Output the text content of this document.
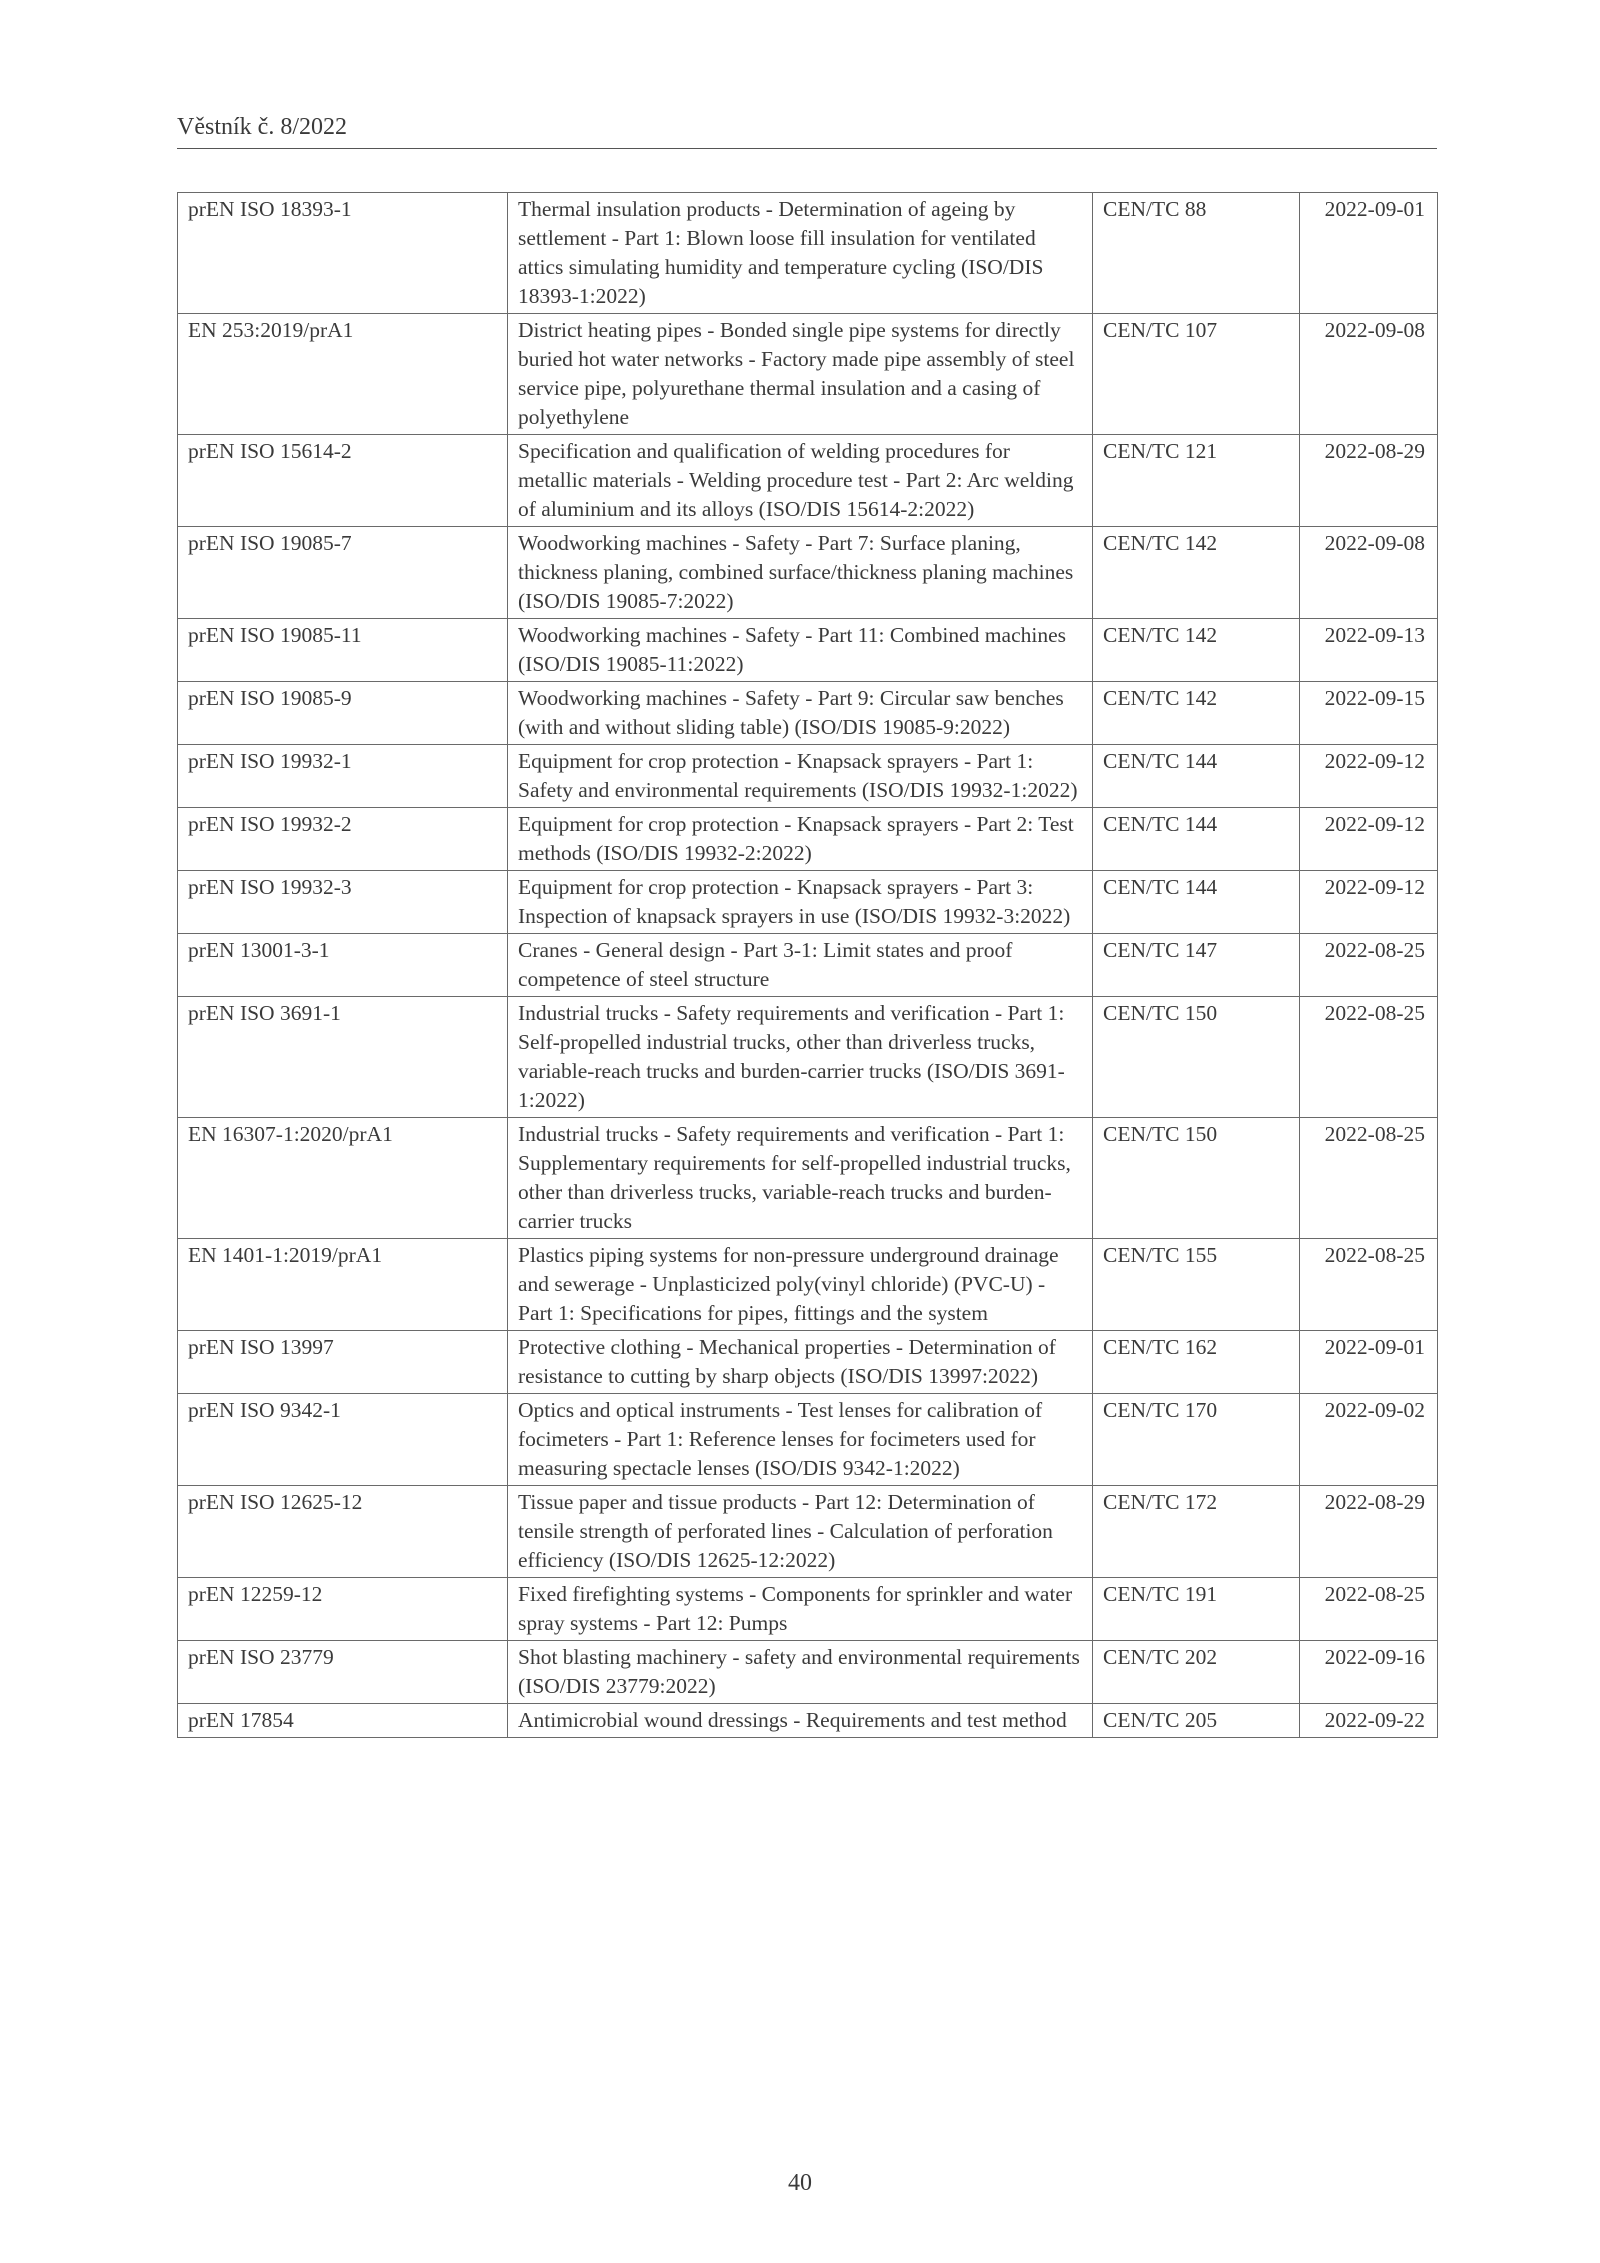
Věstník č. 8/2022
prEN ISO 18393-1	Thermal insulation products - Determination of ageing by settlement - Part 1: Blown loose fill insulation for ventilated attics simulating humidity and temperature cycling (ISO/DIS 18393-1:2022)	CEN/TC 88	2022-09-01
EN 253:2019/prA1	District heating pipes - Bonded single pipe systems for directly buried hot water networks - Factory made pipe assembly of steel service pipe, polyurethane thermal insulation and a casing of polyethylene	CEN/TC 107	2022-09-08
prEN ISO 15614-2	Specification and qualification of welding procedures for metallic materials - Welding procedure test - Part 2: Arc welding of aluminium and its alloys (ISO/DIS 15614-2:2022)	CEN/TC 121	2022-08-29
prEN ISO 19085-7	Woodworking machines - Safety - Part 7: Surface planing, thickness planing, combined surface/thickness planing machines (ISO/DIS 19085-7:2022)	CEN/TC 142	2022-09-08
prEN ISO 19085-11	Woodworking machines - Safety - Part 11: Combined machines (ISO/DIS 19085-11:2022)	CEN/TC 142	2022-09-13
prEN ISO 19085-9	Woodworking machines - Safety - Part 9: Circular saw benches (with and without sliding table) (ISO/DIS 19085-9:2022)	CEN/TC 142	2022-09-15
prEN ISO 19932-1	Equipment for crop protection - Knapsack sprayers - Part 1: Safety and environmental requirements (ISO/DIS 19932-1:2022)	CEN/TC 144	2022-09-12
prEN ISO 19932-2	Equipment for crop protection - Knapsack sprayers - Part 2: Test methods (ISO/DIS 19932-2:2022)	CEN/TC 144	2022-09-12
prEN ISO 19932-3	Equipment for crop protection - Knapsack sprayers - Part 3: Inspection of knapsack sprayers in use (ISO/DIS 19932-3:2022)	CEN/TC 144	2022-09-12
prEN 13001-3-1	Cranes - General design - Part 3-1: Limit states and proof competence of steel structure	CEN/TC 147	2022-08-25
prEN ISO 3691-1	Industrial trucks - Safety requirements and verification - Part 1: Self-propelled industrial trucks, other than driverless trucks, variable-reach trucks and burden-carrier trucks (ISO/DIS 3691-1:2022)	CEN/TC 150	2022-08-25
EN 16307-1:2020/prA1	Industrial trucks - Safety requirements and verification - Part 1: Supplementary requirements for self-propelled industrial trucks, other than driverless trucks, variable-reach trucks and burden-carrier trucks	CEN/TC 150	2022-08-25
EN 1401-1:2019/prA1	Plastics piping systems for non-pressure underground drainage and sewerage - Unplasticized poly(vinyl chloride) (PVC-U) - Part 1: Specifications for pipes, fittings and the system	CEN/TC 155	2022-08-25
prEN ISO 13997	Protective clothing - Mechanical properties - Determination of resistance to cutting by sharp objects (ISO/DIS 13997:2022)	CEN/TC 162	2022-09-01
prEN ISO 9342-1	Optics and optical instruments - Test lenses for calibration of focimeters - Part 1: Reference lenses for focimeters used for measuring spectacle lenses (ISO/DIS 9342-1:2022)	CEN/TC 170	2022-09-02
prEN ISO 12625-12	Tissue paper and tissue products - Part 12: Determination of tensile strength of perforated lines - Calculation of perforation efficiency (ISO/DIS 12625-12:2022)	CEN/TC 172	2022-08-29
prEN 12259-12	Fixed firefighting systems - Components for sprinkler and water spray systems - Part 12: Pumps	CEN/TC 191	2022-08-25
prEN ISO 23779	Shot blasting machinery - safety and environmental requirements (ISO/DIS 23779:2022)	CEN/TC 202	2022-09-16
prEN 17854	Antimicrobial wound dressings - Requirements and test method	CEN/TC 205	2022-09-22
40
